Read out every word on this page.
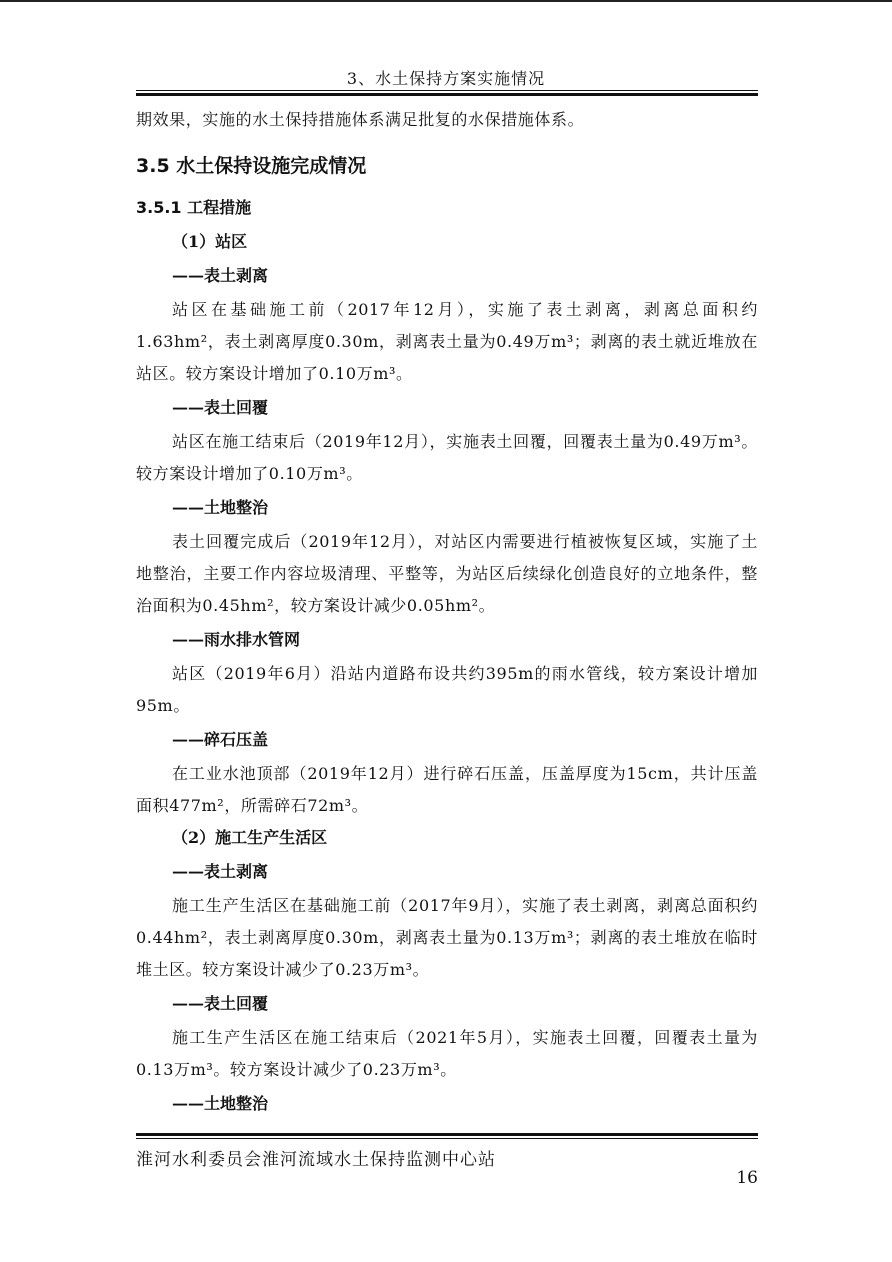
3、水土保持方案实施情况

期效果，实施的水土保持措施体系满足批复的水保措施体系。

3.5 水土保持设施完成情况
3.5.1 工程措施
（1）站区
——表土剥离

站区在基础施工前（2017年12月），实施了表土剥离，剥离总面积约1.63hm²，表土剥离厚度0.30m，剥离表土量为0.49万m³；剥离的表土就近堆放在站区。较方案设计增加了0.10万m³。

——表土回覆

站区在施工结束后（2019年12月），实施表土回覆，回覆表土量为0.49万m³。较方案设计增加了0.10万m³。

——土地整治

表土回覆完成后（2019年12月），对站区内需要进行植被恢复区域，实施了土地整治，主要工作内容垃圾清理、平整等，为站区后续绿化创造良好的立地条件，整治面积为0.45hm²，较方案设计减少0.05hm²。

——雨水排水管网

站区（2019年6月）沿站内道路布设共约395m的雨水管线，较方案设计增加95m。

——碎石压盖

在工业水池顶部（2019年12月）进行碎石压盖，压盖厚度为15cm，共计压盖面积477m²，所需碎石72m³。

（2）施工生产生活区
——表土剥离

施工生产生活区在基础施工前（2017年9月），实施了表土剥离，剥离总面积约0.44hm²，表土剥离厚度0.30m，剥离表土量为0.13万m³；剥离的表土堆放在临时堆土区。较方案设计减少了0.23万m³。

——表土回覆

施工生产生活区在施工结束后（2021年5月），实施表土回覆，回覆表土量为0.13万m³。较方案设计减少了0.23万m³。

——土地整治
淮河水利委员会淮河流域水土保持监测中心站
16
